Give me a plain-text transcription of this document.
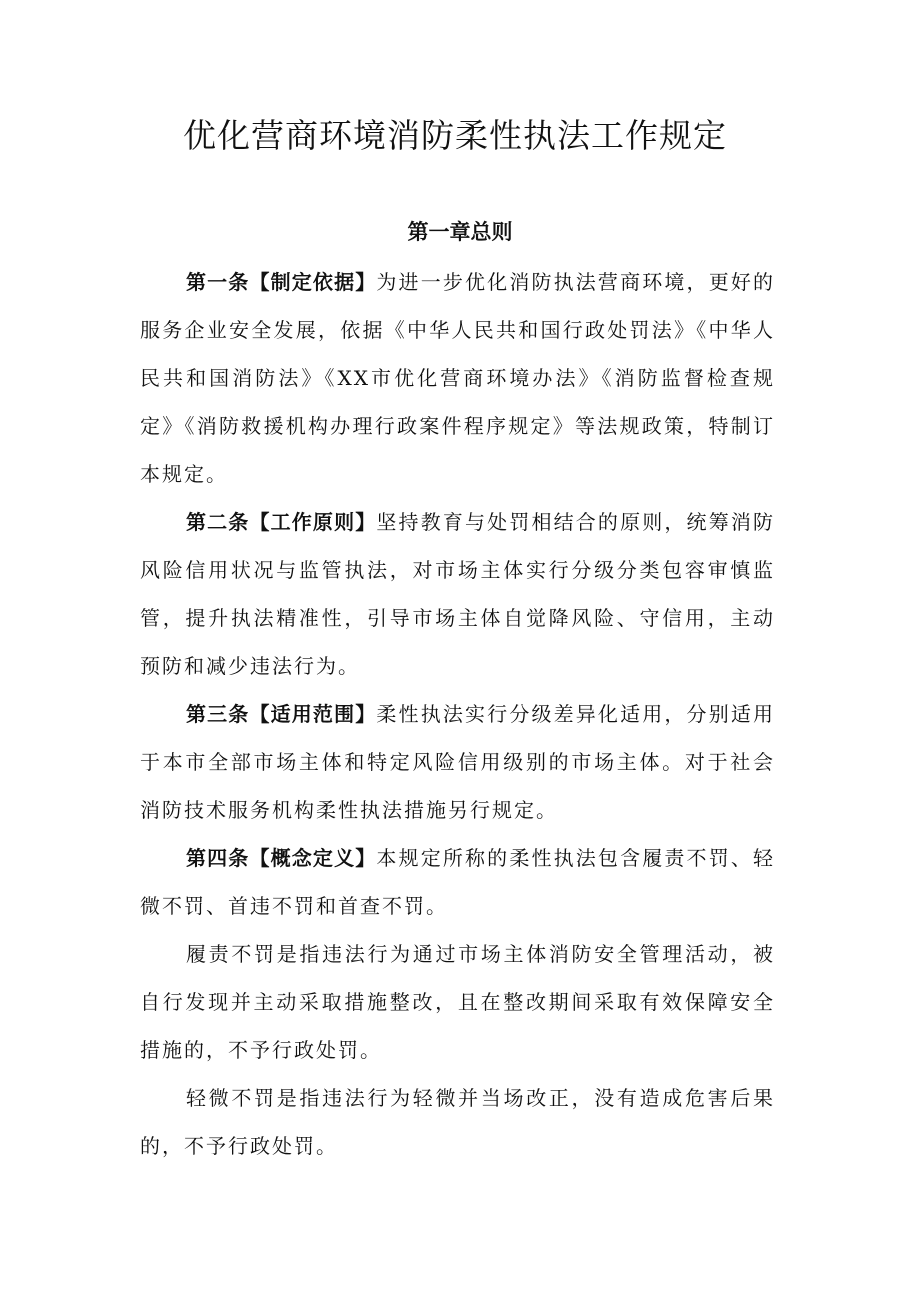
优化营商环境消防柔性执法工作规定
第一章总则

第一条【制定依据】为进一步优化消防执法营商环境，更好的服务企业安全发展，依据《中华人民共和国行政处罚法》《中华人民共和国消防法》《XX市优化营商环境办法》《消防监督检查规定》《消防救援机构办理行政案件程序规定》等法规政策，特制订本规定。

第二条【工作原则】坚持教育与处罚相结合的原则，统筹消防风险信用状况与监管执法，对市场主体实行分级分类包容审慎监管，提升执法精准性，引导市场主体自觉降风险、守信用，主动预防和减少违法行为。

第三条【适用范围】柔性执法实行分级差异化适用，分别适用于本市全部市场主体和特定风险信用级别的市场主体。对于社会消防技术服务机构柔性执法措施另行规定。

第四条【概念定义】本规定所称的柔性执法包含履责不罚、轻微不罚、首违不罚和首查不罚。

履责不罚是指违法行为通过市场主体消防安全管理活动，被自行发现并主动采取措施整改，且在整改期间采取有效保障安全措施的，不予行政处罚。

轻微不罚是指违法行为轻微并当场改正，没有造成危害后果的，不予行政处罚。
